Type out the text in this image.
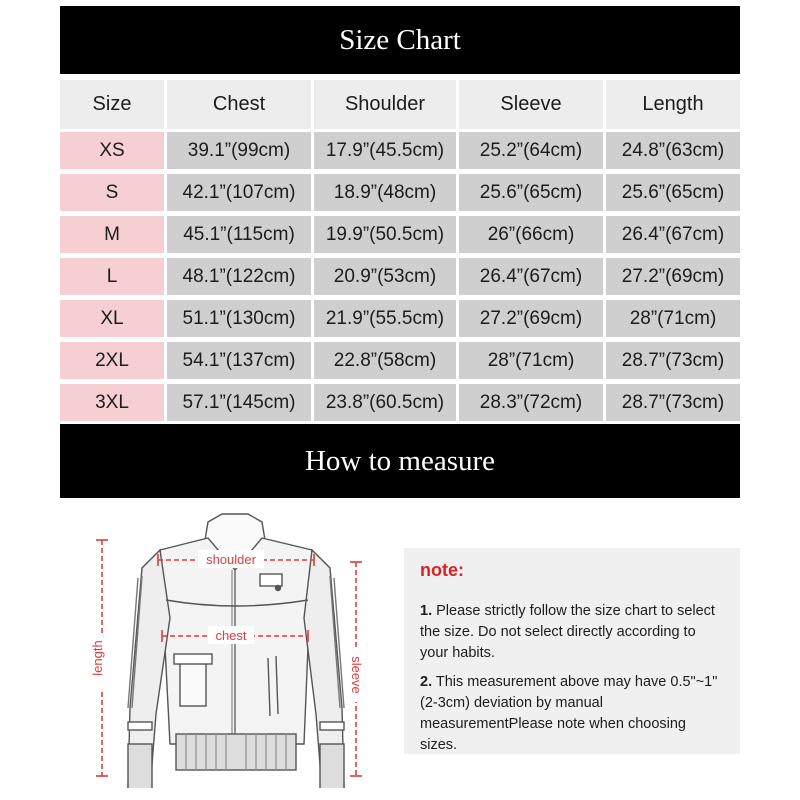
Size Chart
Size	Chest	Shoulder	Sleeve	Length
XS	39.1”(99cm)	17.9”(45.5cm)	25.2”(64cm)	24.8”(63cm)
S	42.1”(107cm)	18.9”(48cm)	25.6”(65cm)	25.6”(65cm)
M	45.1”(115cm)	19.9”(50.5cm)	26”(66cm)	26.4”(67cm)
L	48.1”(122cm)	20.9”(53cm)	26.4”(67cm)	27.2”(69cm)
XL	51.1”(130cm)	21.9”(55.5cm)	27.2”(69cm)	28”(71cm)
2XL	54.1”(137cm)	22.8”(58cm)	28”(71cm)	28.7”(73cm)
3XL	57.1”(145cm)	23.8”(60.5cm)	28.3”(72cm)	28.7”(73cm)
How to measure
shoulder
chest
length	sleeve
note:

1. Please strictly follow the size chart to select the size. Do not select directly according to your habits.

2. This measurement above may have 0.5"~1"(2-3cm) deviation by manual measurementPlease note when choosing sizes.
